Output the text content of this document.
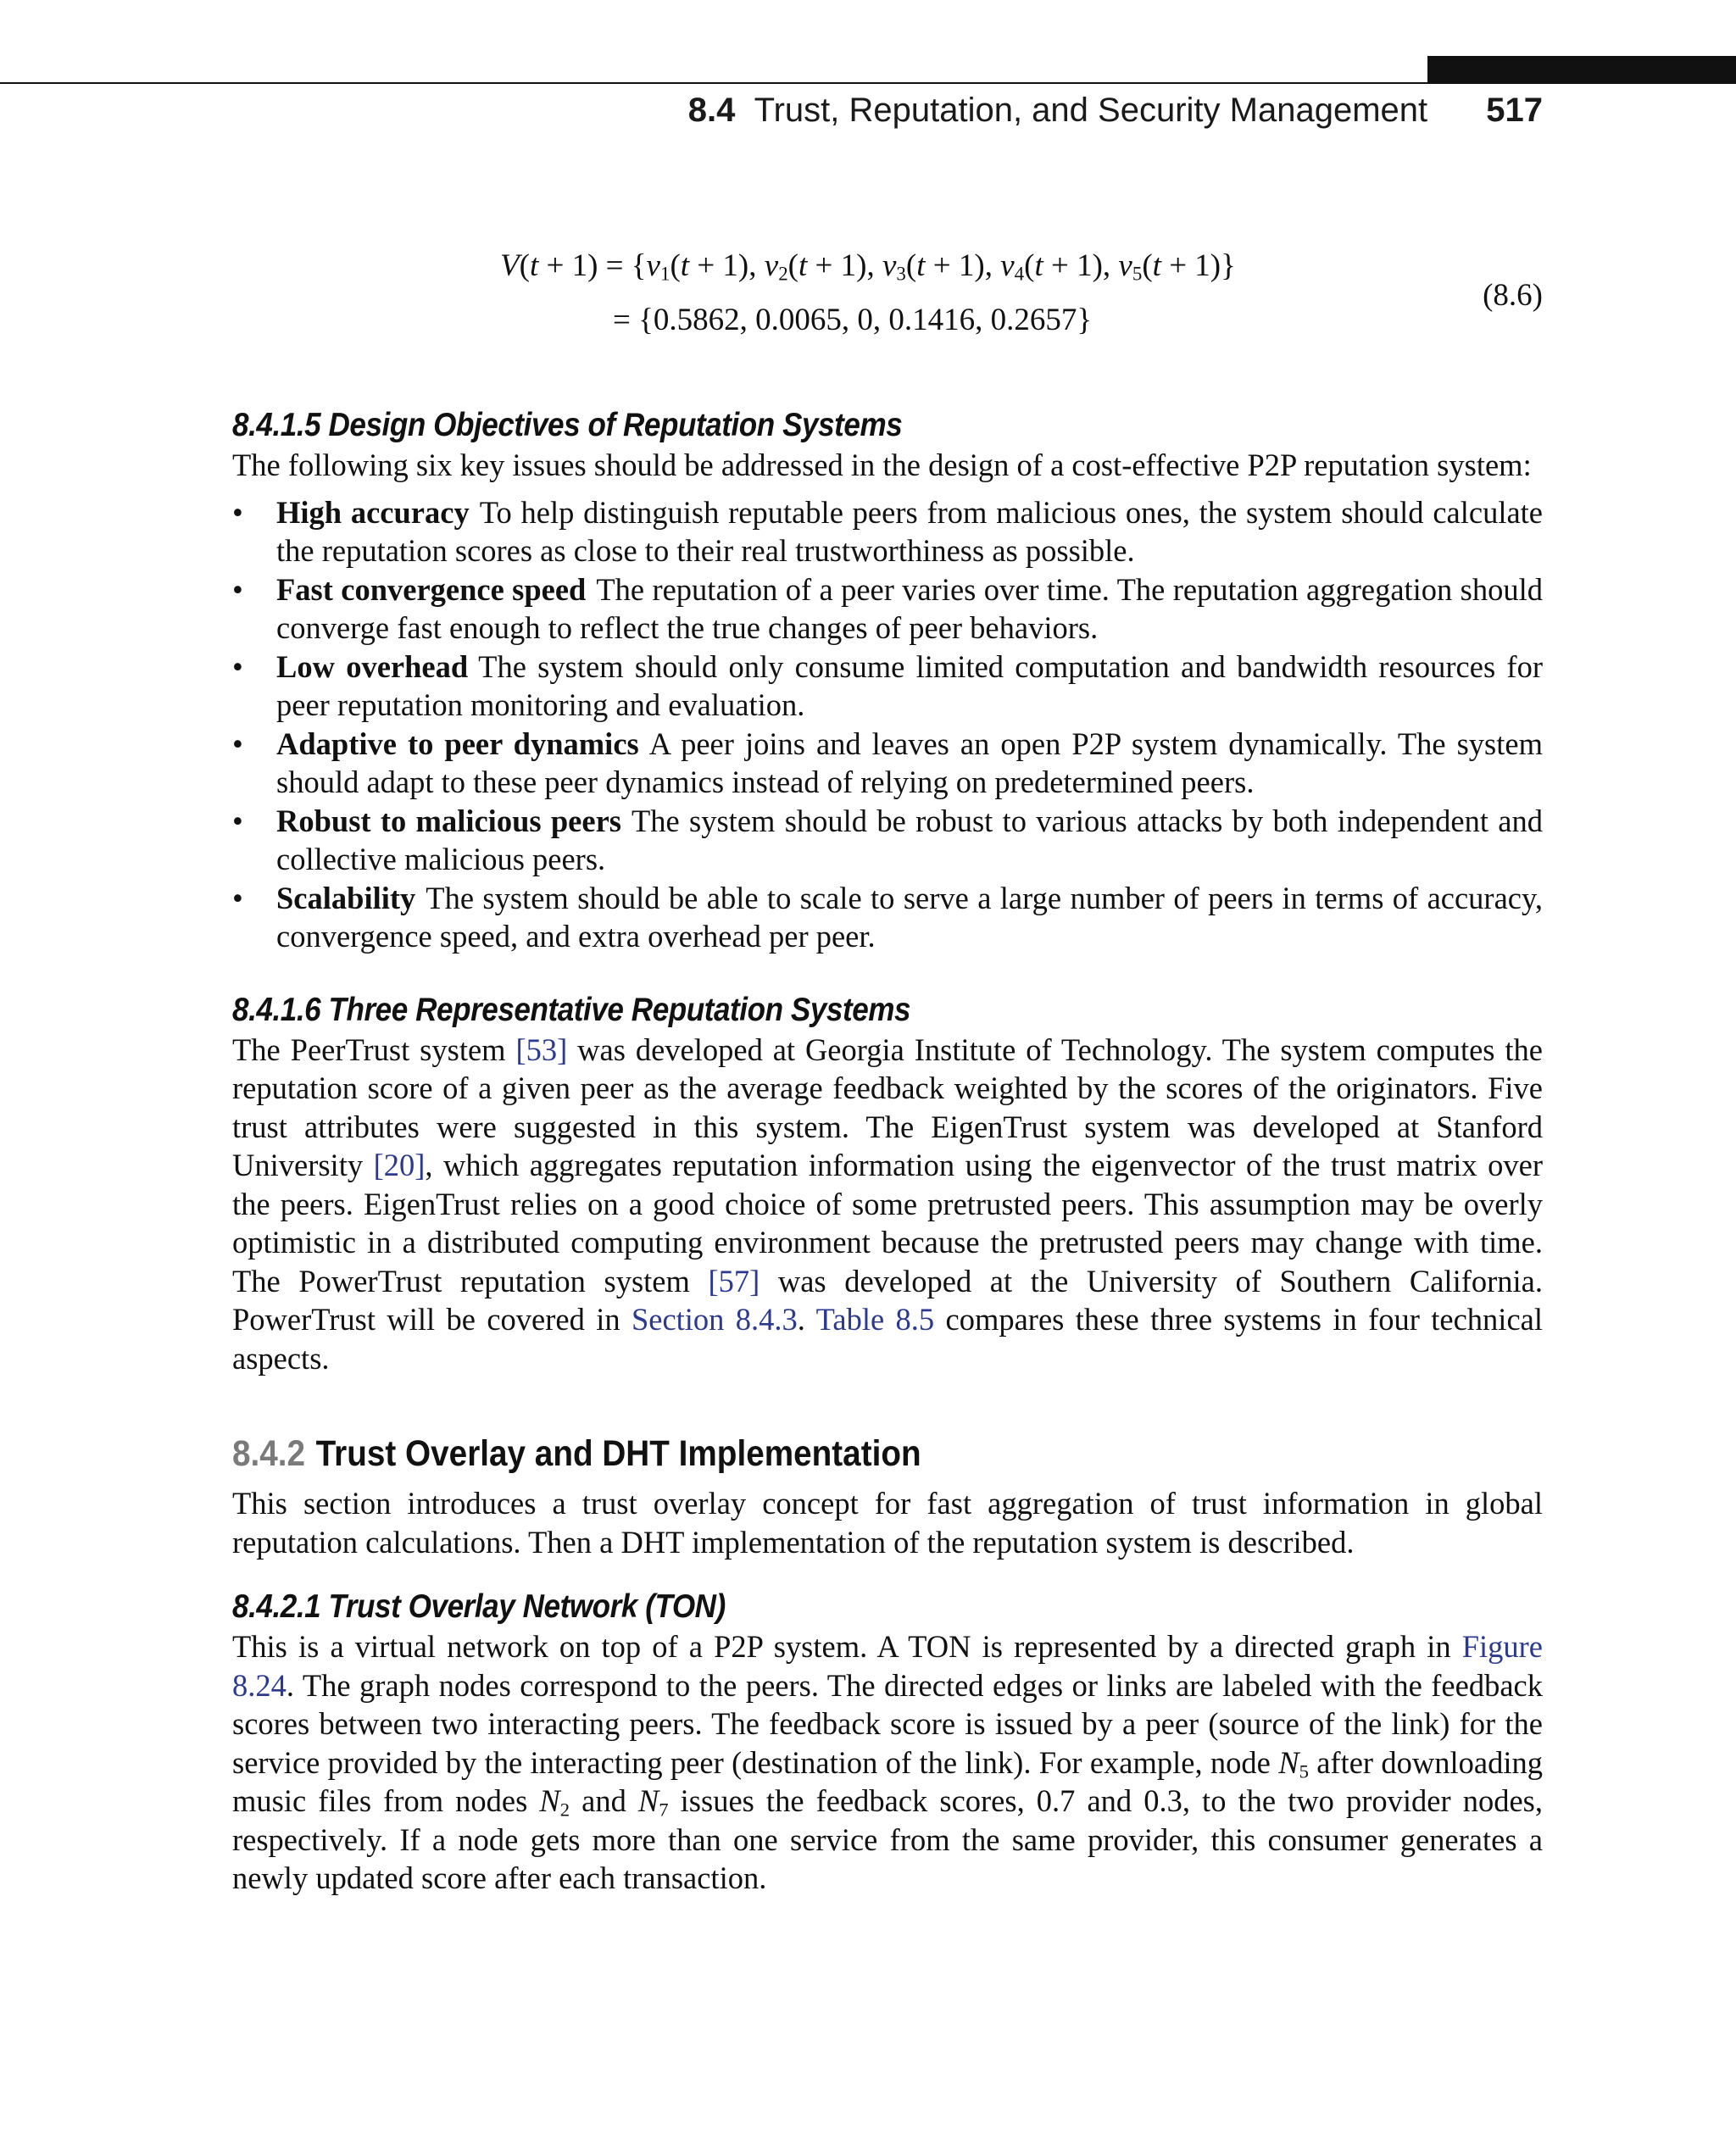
8.4 Trust, Reputation, and Security Management 517
$V(t + 1) = \{v_1(t + 1)$, $v_2(t + 1)$, $v_3(t + 1)$, $v_4(t + 1)$, $v_5(t + 1)$}
= {0.5862, 0.0065, 0, 0.1416, 0.2657}
(8.6)
8.4.1.5 Design Objectives of Reputation Systems

The following six key issues should be addressed in the design of a cost-effective P2P reputation system:

• High accuracy To help distinguish reputable peers from malicious ones, the system should calculate the reputation scores as close to their real trustworthiness as possible.
• Fast convergence speed The reputation of a peer varies over time. The reputation aggregation should converge fast enough to reflect the true changes of peer behaviors.
• Low overhead The system should only consume limited computation and bandwidth resources for peer reputation monitoring and evaluation.
• Adaptive to peer dynamics A peer joins and leaves an open P2P system dynamically. The system should adapt to these peer dynamics instead of relying on predetermined peers.
• Robust to malicious peers The system should be robust to various attacks by both independent and collective malicious peers.
• Scalability The system should be able to scale to serve a large number of peers in terms of accuracy, convergence speed, and extra overhead per peer.
8.4.1.6 Three Representative Reputation Systems

The PeerTrust system [53] was developed at Georgia Institute of Technology. The system computes the reputation score of a given peer as the average feedback weighted by the scores of the originators. Five trust attributes were suggested in this system. The EigenTrust system was developed at Stanford University [20], which aggregates reputation information using the eigenvector of the trust matrix over the peers. EigenTrust relies on a good choice of some pretrusted peers. This assumption may be overly optimistic in a distributed computing environment because the pretrusted peers may change with time. The PowerTrust reputation system [57] was developed at the University of Southern California. PowerTrust will be covered in Section 8.4.3. Table 8.5 compares these three systems in four technical aspects.

8.4.2 Trust Overlay and DHT Implementation

This section introduces a trust overlay concept for fast aggregation of trust information in global reputation calculations. Then a DHT implementation of the reputation system is described.

8.4.2.1 Trust Overlay Network (TON)

This is a virtual network on top of a P2P system. A TON is represented by a directed graph in Figure 8.24. The graph nodes correspond to the peers. The directed edges or links are labeled with the feedback scores between two interacting peers. The feedback score is issued by a peer (source of the link) for the service provided by the interacting peer (destination of the link). For example, node $N_5$ after downloading music files from nodes $N_2$ and $N_7$ issues the feedback scores, 0.7 and 0.3, to the two provider nodes, respectively. If a node gets more than one service from the same provider, this consumer generates a newly updated score after each transaction.
